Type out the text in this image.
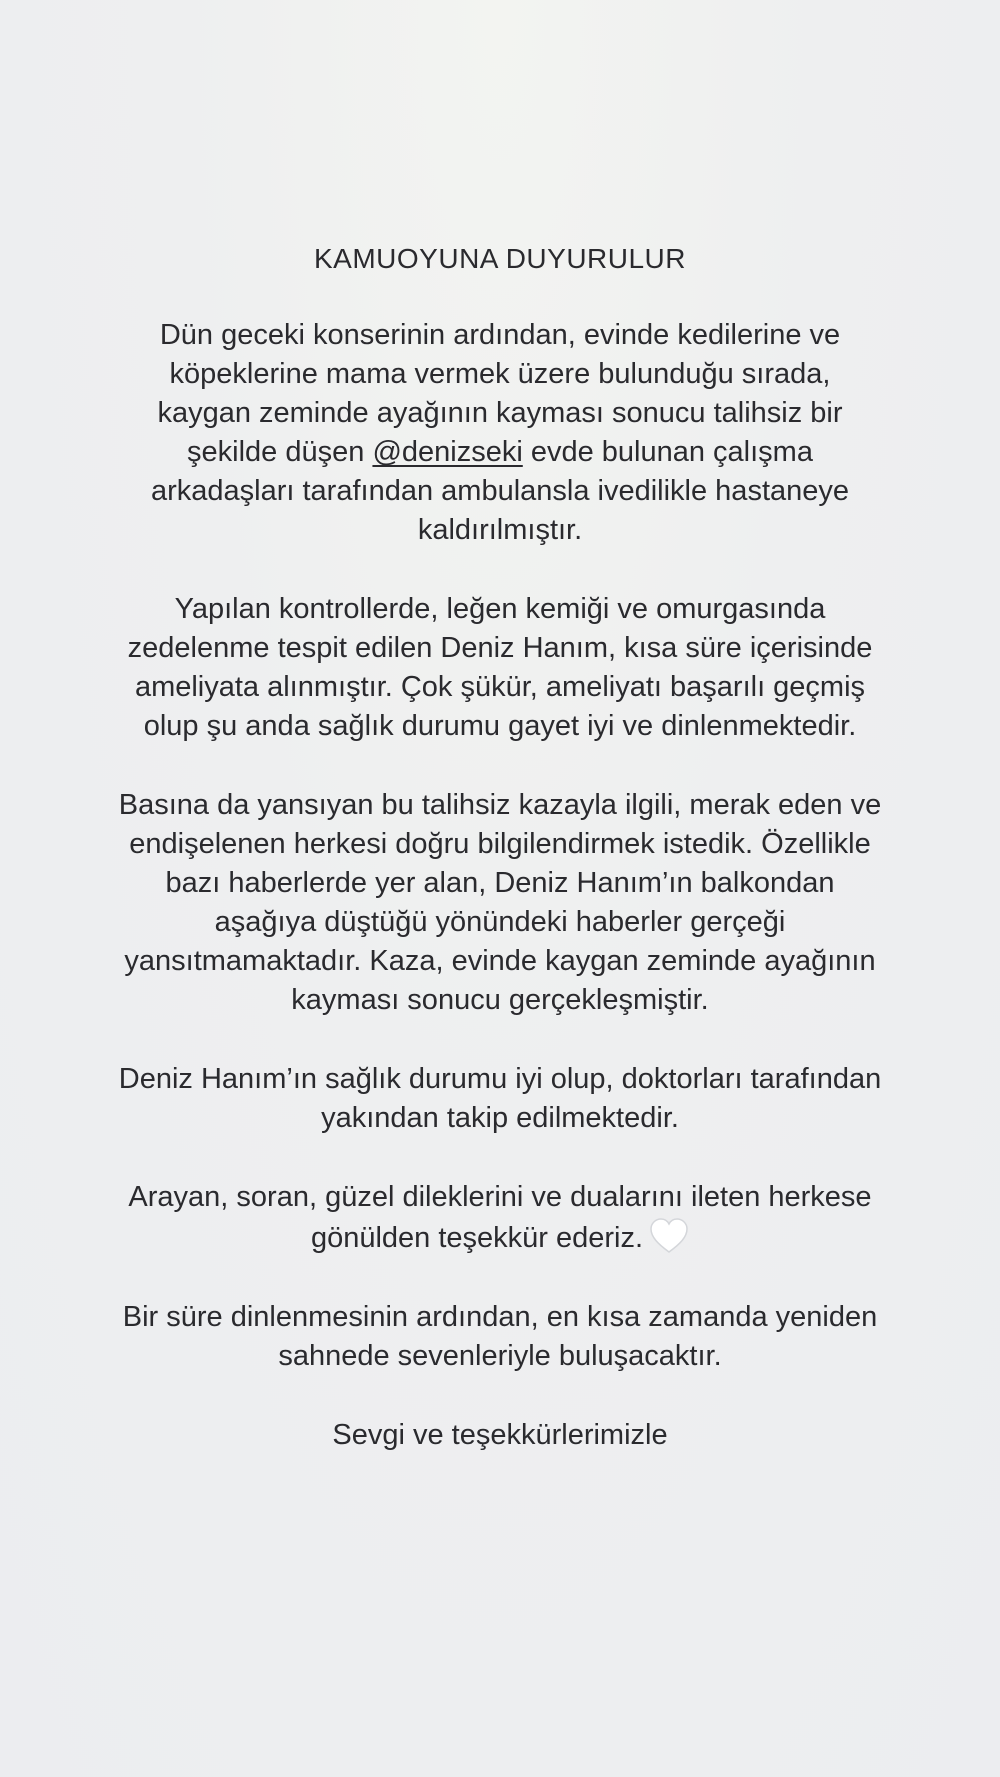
KAMUOYUNA DUYURULUR

Dün geceki konserinin ardından, evinde kedilerine ve

köpeklerine mama vermek üzere bulunduğu sırada,

kaygan zeminde ayağının kayması sonucu talihsiz bir

şekilde düşen @denizseki evde bulunan çalışma

arkadaşları tarafından ambulansla ivedilikle hastaneye

kaldırılmıştır.

Yapılan kontrollerde, leğen kemiği ve omurgasında

zedelenme tespit edilen Deniz Hanım, kısa süre içerisinde

ameliyata alınmıştır. Çok şükür, ameliyatı başarılı geçmiş

olup şu anda sağlık durumu gayet iyi ve dinlenmektedir.

Basına da yansıyan bu talihsiz kazayla ilgili, merak eden ve

endişelenen herkesi doğru bilgilendirmek istedik. Özellikle

bazı haberlerde yer alan, Deniz Hanım’ın balkondan

aşağıya düştüğü yönündeki haberler gerçeği

yansıtmamaktadır. Kaza, evinde kaygan zeminde ayağının

kayması sonucu gerçekleşmiştir.

Deniz Hanım’ın sağlık durumu iyi olup, doktorları tarafından

yakından takip edilmektedir.

Arayan, soran, güzel dileklerini ve dualarını ileten herkese

gönülden teşekkür ederiz.

Bir süre dinlenmesinin ardından, en kısa zamanda yeniden

sahnede sevenleriyle buluşacaktır.

Sevgi ve teşekkürlerimizle
